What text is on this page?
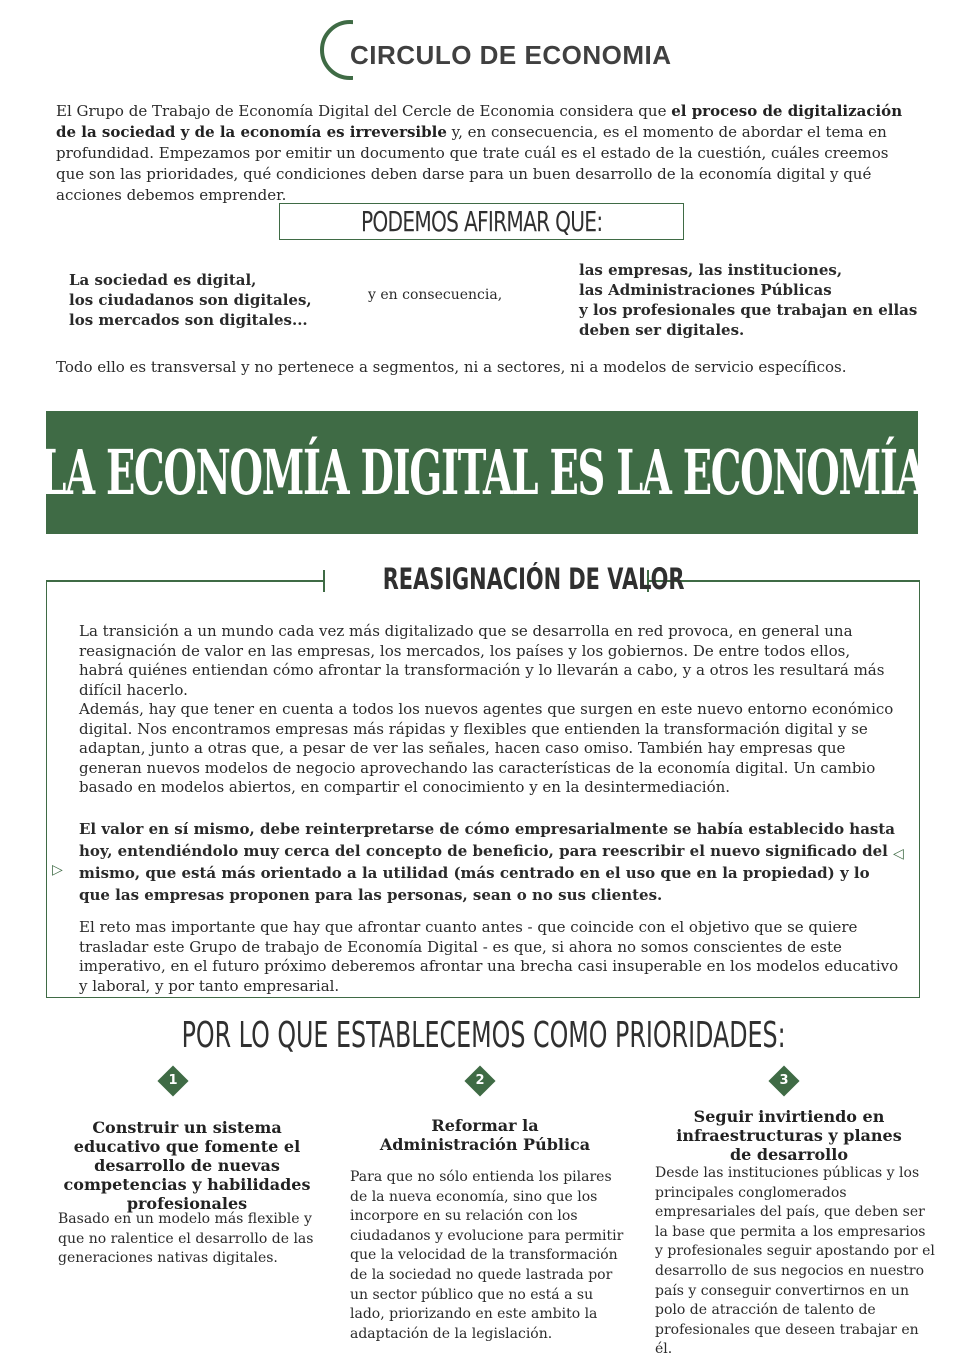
CIRCULO DE ECONOMIA
El Grupo de Trabajo de Economía Digital del Cercle de Economia considera que el proceso de digitalización de la sociedad y de la economía es irreversible y, en consecuencia, es el momento de abordar el tema en profundidad. Empezamos por emitir un documento que trate cuál es el estado de la cuestión, cuáles creemos que son las prioridades, qué condiciones deben darse para un buen desarrollo de la economía digital y qué acciones debemos emprender.
PODEMOS AFIRMAR QUE:
La sociedad es digital,
los ciudadanos son digitales,
los mercados son digitales...
y en consecuencia,
las empresas, las instituciones,
las Administraciones Públicas
y los profesionales que trabajan en ellas
deben ser digitales.
Todo ello es transversal y no pertenece a segmentos, ni a sectores, ni a modelos de servicio específicos.
LA ECONOMÍA DIGITAL ES LA ECONOMÍA
REASIGNACIÓN DE VALOR
▷
◁
La transición a un mundo cada vez más digitalizado que se desarrolla en red provoca, en general una reasignación de valor en las empresas, los mercados, los países y los gobiernos. De entre todos ellos, habrá quiénes entiendan cómo afrontar la transformación y lo llevarán a cabo, y a otros les resultará más difícil hacerlo.
Además, hay que tener en cuenta a todos los nuevos agentes que surgen en este nuevo entorno económico digital. Nos encontramos empresas más rápidas y flexibles que entienden la transformación digital y se adaptan, junto a otras que, a pesar de ver las señales, hacen caso omiso. También hay empresas que generan nuevos modelos de negocio aprovechando las características de la economía digital. Un cambio basado en modelos abiertos, en compartir el conocimiento y en la desintermediación.
El valor en sí mismo, debe reinterpretarse de cómo empresarialmente se había establecido hasta hoy, entendiéndolo muy cerca del concepto de beneficio, para reescribir el nuevo significado del mismo, que está más orientado a la utilidad (más centrado en el uso que en la propiedad) y lo que las empresas proponen para las personas, sean o no sus clientes.
El reto mas importante que hay que afrontar cuanto antes - que coincide con el objetivo que se quiere trasladar este Grupo de trabajo de Economía Digital - es que, si ahora no somos conscientes de este imperativo, en el futuro próximo deberemos afrontar una brecha casi insuperable en los modelos educativo y laboral, y por tanto empresarial.
POR LO QUE ESTABLECEMOS COMO PRIORIDADES:
1
Construir un sistema educativo que fomente el desarrollo de nuevas competencias y habilidades profesionales
Basado en un modelo más flexible y que no ralentice el desarrollo de las generaciones nativas digitales.
2
Reformar la Administración Pública
Para que no sólo entienda los pilares de la nueva economía, sino que los incorpore en su relación con los ciudadanos y evolucione para permitir que la velocidad de la transformación de la sociedad no quede lastrada por un sector público que no está a su lado, priorizando en este ambito la adaptación de la legislación.
3
Seguir invirtiendo en infraestructuras y planes de desarrollo
Desde las instituciones públicas y los principales conglomerados empresariales del país, que deben ser la base que permita a los empresarios y profesionales seguir apostando por el desarrollo de sus negocios en nuestro país y conseguir convertirnos en un polo de atracción de talento de profesionales que deseen trabajar en él.
